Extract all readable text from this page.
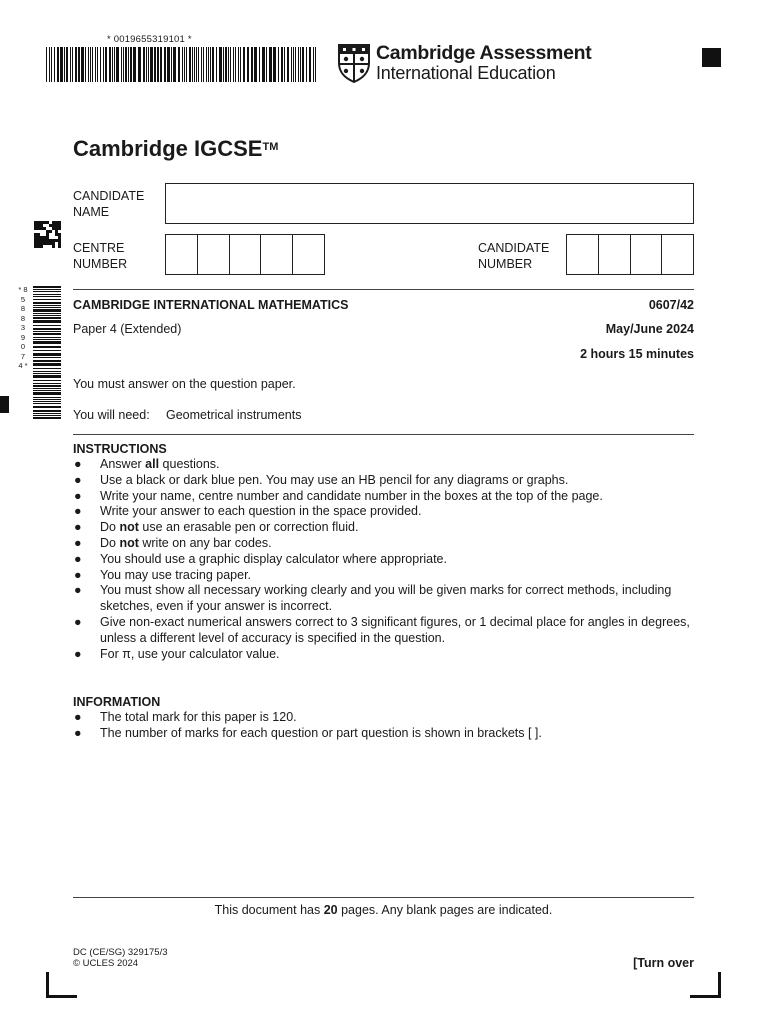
* 0019655319101 *
Cambridge Assessment
International Education
Cambridge IGCSE™
CANDIDATE
NAME
CENTRE
NUMBER
CANDIDATE
NUMBER
* 8 5 8 8 3 9 0 7 4 *
CAMBRIDGE INTERNATIONAL MATHEMATICS	0607/42
Paper 4 (Extended)	May/June 2024
2 hours 15 minutes
You must answer on the question paper.
You will need: Geometrical instruments
INSTRUCTIONS
● Answer all questions.
● Use a black or dark blue pen. You may use an HB pencil for any diagrams or graphs.
● Write your name, centre number and candidate number in the boxes at the top of the page.
● Write your answer to each question in the space provided.
● Do not use an erasable pen or correction fluid.
● Do not write on any bar codes.
● You should use a graphic display calculator where appropriate.
● You may use tracing paper.
● You must show all necessary working clearly and you will be given marks for correct methods, including sketches, even if your answer is incorrect.
● Give non-exact numerical answers correct to 3 significant figures, or 1 decimal place for angles in degrees, unless a different level of accuracy is specified in the question.
● For π, use your calculator value.
INFORMATION
● The total mark for this paper is 120.
● The number of marks for each question or part question is shown in brackets [ ].
This document has 20 pages. Any blank pages are indicated.
DC (CE/SG) 329175/3
© UCLES 2024	[Turn over
